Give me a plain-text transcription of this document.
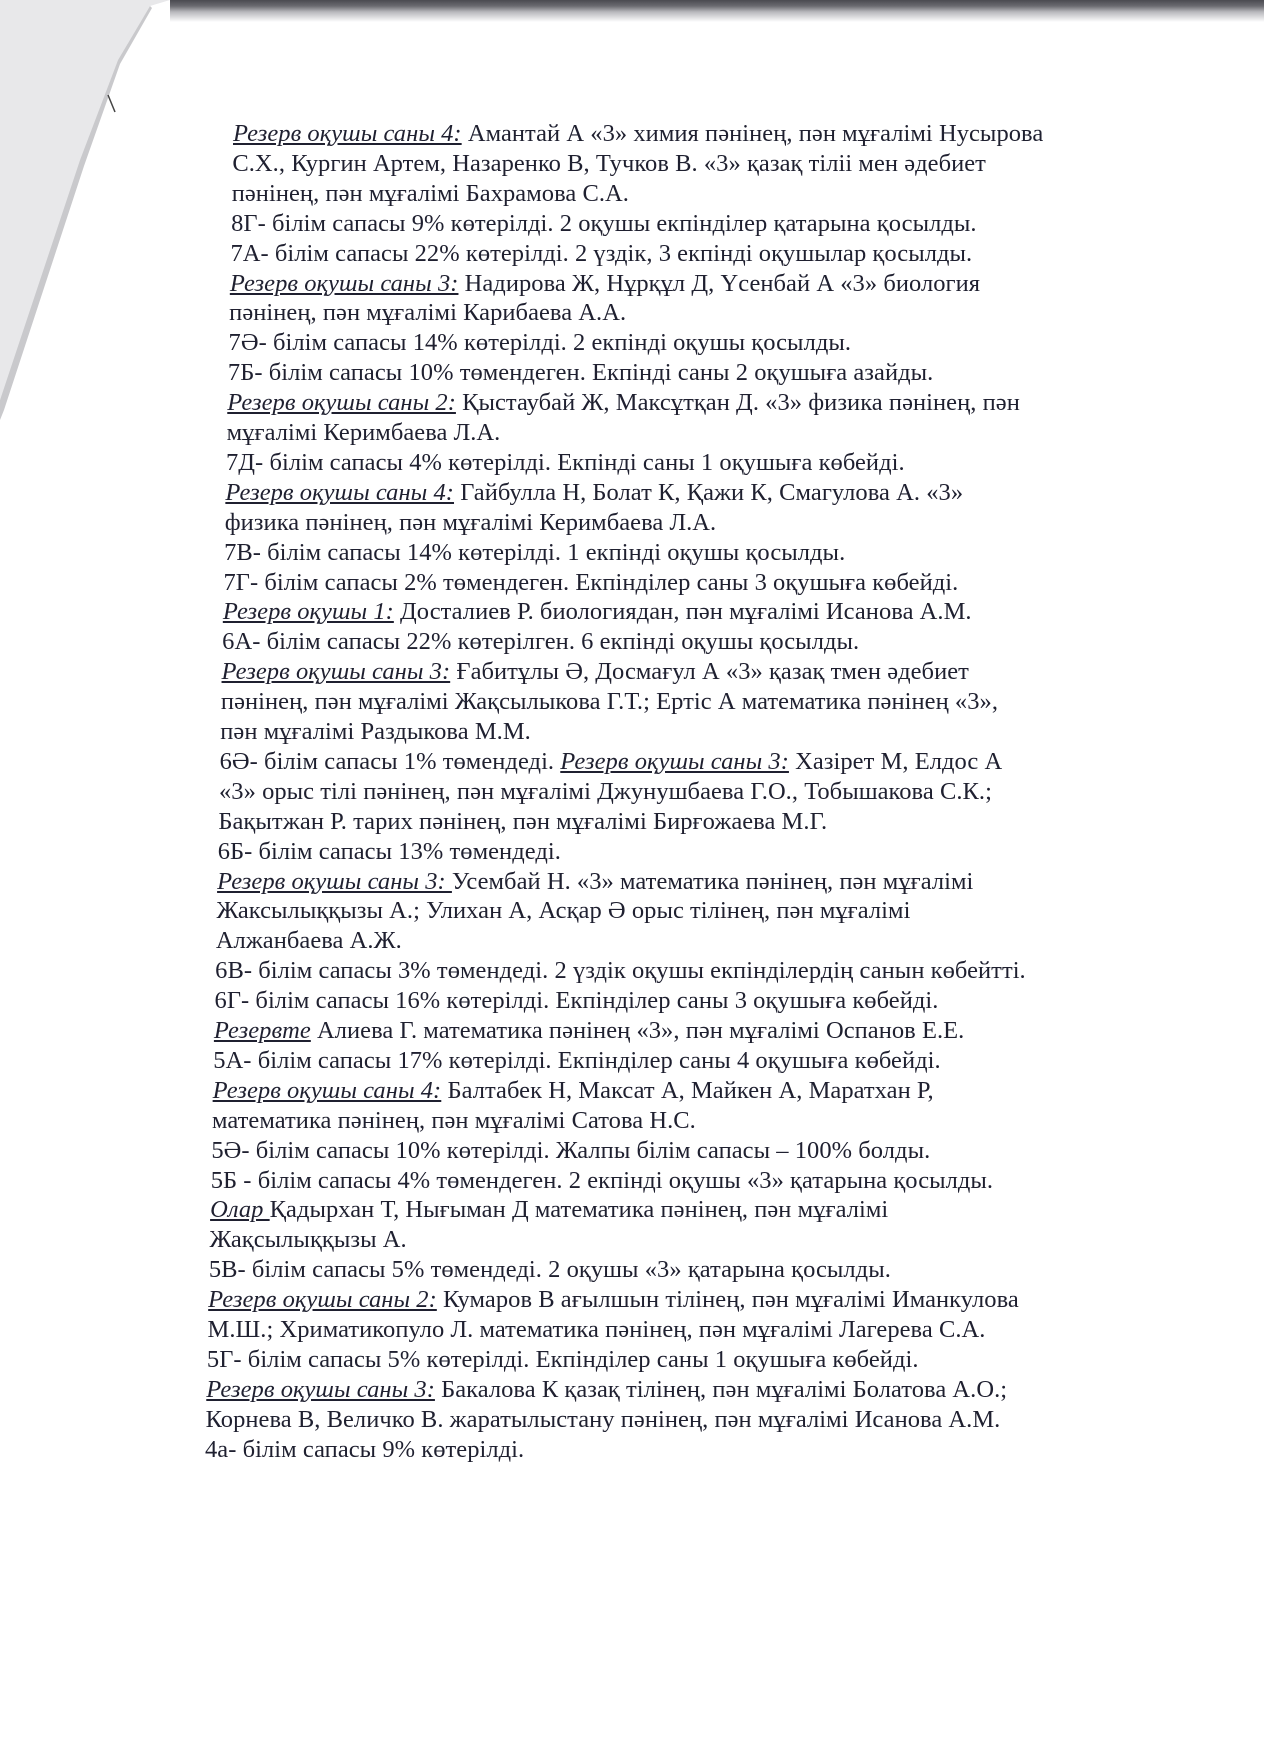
Резерв оқушы саны 4: Амантай А «3» химия пәнінең, пән мұғалімі Нусырова
С.Х., Кургин Артем, Назаренко В, Тучков В. «3» қазақ тіліі мен әдебиет
пәнінең, пән мұғалімі Бахрамова С.А.
8Г- білім сапасы 9% көтерілді. 2 оқушы екпінділер қатарына қосылды.
7А- білім сапасы 22% көтерілді. 2 үздік, 3 екпінді оқушылар қосылды.
Резерв оқушы саны 3: Надирова Ж, Нұрқұл Д, Үсенбай А «3» биология
пәнінең, пән мұғалімі Карибаева А.А.
7Ә- білім сапасы 14% көтерілді. 2 екпінді оқушы қосылды.
7Б- білім сапасы 10% төмендеген. Екпінді саны 2 оқушыға азайды.
Резерв оқушы саны 2: Қыстаубай Ж, Максұтқан Д. «3» физика пәнінең, пән
мұғалімі Керимбаева Л.А.
7Д- білім сапасы 4% көтерілді. Екпінді саны 1 оқушыға көбейді.
Резерв оқушы саны 4: Гайбулла Н, Болат К, Қажи К, Смагулова А. «3»
физика пәнінең, пән мұғалімі Керимбаева Л.А.
7В- білім сапасы 14% көтерілді. 1 екпінді оқушы қосылды.
7Г- білім сапасы 2% төмендеген. Екпінділер саны 3 оқушыға көбейді.
Резерв оқушы 1: Досталиев Р. биологиядан, пән мұғалімі Исанова А.М.
6А- білім сапасы 22% көтерілген. 6 екпінді оқушы қосылды.
Резерв оқушы саны 3: Ғабитұлы Ә, Досмағул А «3» қазақ тмен әдебиет
пәнінең, пән мұғалімі Жақсылыкова Г.Т.; Ертіс А математика пәнінең «3»,
пән мұғалімі Раздыкова М.М.
6Ә- білім сапасы 1% төмендеді. Резерв оқушы саны 3: Хазірет М, Елдос А
«3» орыс тілі пәнінең, пән мұғалімі Джунушбаева Г.О., Тобышакова С.К.;
Бақытжан Р. тарих пәнінең, пән мұғалімі Бирғожаева М.Г.
6Б- білім сапасы 13% төмендеді.
Резерв оқушы саны 3: Усембай Н. «3» математика пәнінең, пән мұғалімі
Жаксылыққызы А.; Улихан А, Асқар Ә орыс тілінең, пән мұғалімі
Алжанбаева А.Ж.
6В- білім сапасы 3% төмендеді. 2 үздік оқушы екпінділердің санын көбейтті.
6Г- білім сапасы 16% көтерілді. Екпінділер саны 3 оқушыға көбейді.
Резервте Алиева Г. математика пәнінең «3», пән мұғалімі Оспанов Е.Е.
5А- білім сапасы 17% көтерілді. Екпінділер саны 4 оқушыға көбейді.
Резерв оқушы саны 4: Балтабек Н, Максат А, Майкен А, Маратхан Р,
математика пәнінең, пән мұғалімі Сатова Н.С.
5Ә- білім сапасы 10% көтерілді. Жалпы білім сапасы – 100% болды.
5Б - білім сапасы 4% төмендеген. 2 екпінді оқушы «3» қатарына қосылды.
Олар Қадырхан Т, Нығыман Д математика пәнінең, пән мұғалімі
Жақсылыққызы А.
5В- білім сапасы 5% төмендеді. 2 оқушы «3» қатарына қосылды.
Резерв оқушы саны 2: Кумаров В ағылшын тілінең, пән мұғалімі Иманкулова
М.Ш.; Хриматикопуло Л. математика пәнінең, пән мұғалімі Лагерева С.А.
5Г- білім сапасы 5% көтерілді. Екпінділер саны 1 оқушыға көбейді.
Резерв оқушы саны 3: Бакалова К қазақ тілінең, пән мұғалімі Болатова А.О.;
Корнева В, Величко В. жаратылыстану пәнінең, пән мұғалімі Исанова А.М.
4а- білім сапасы 9% көтерілді.
